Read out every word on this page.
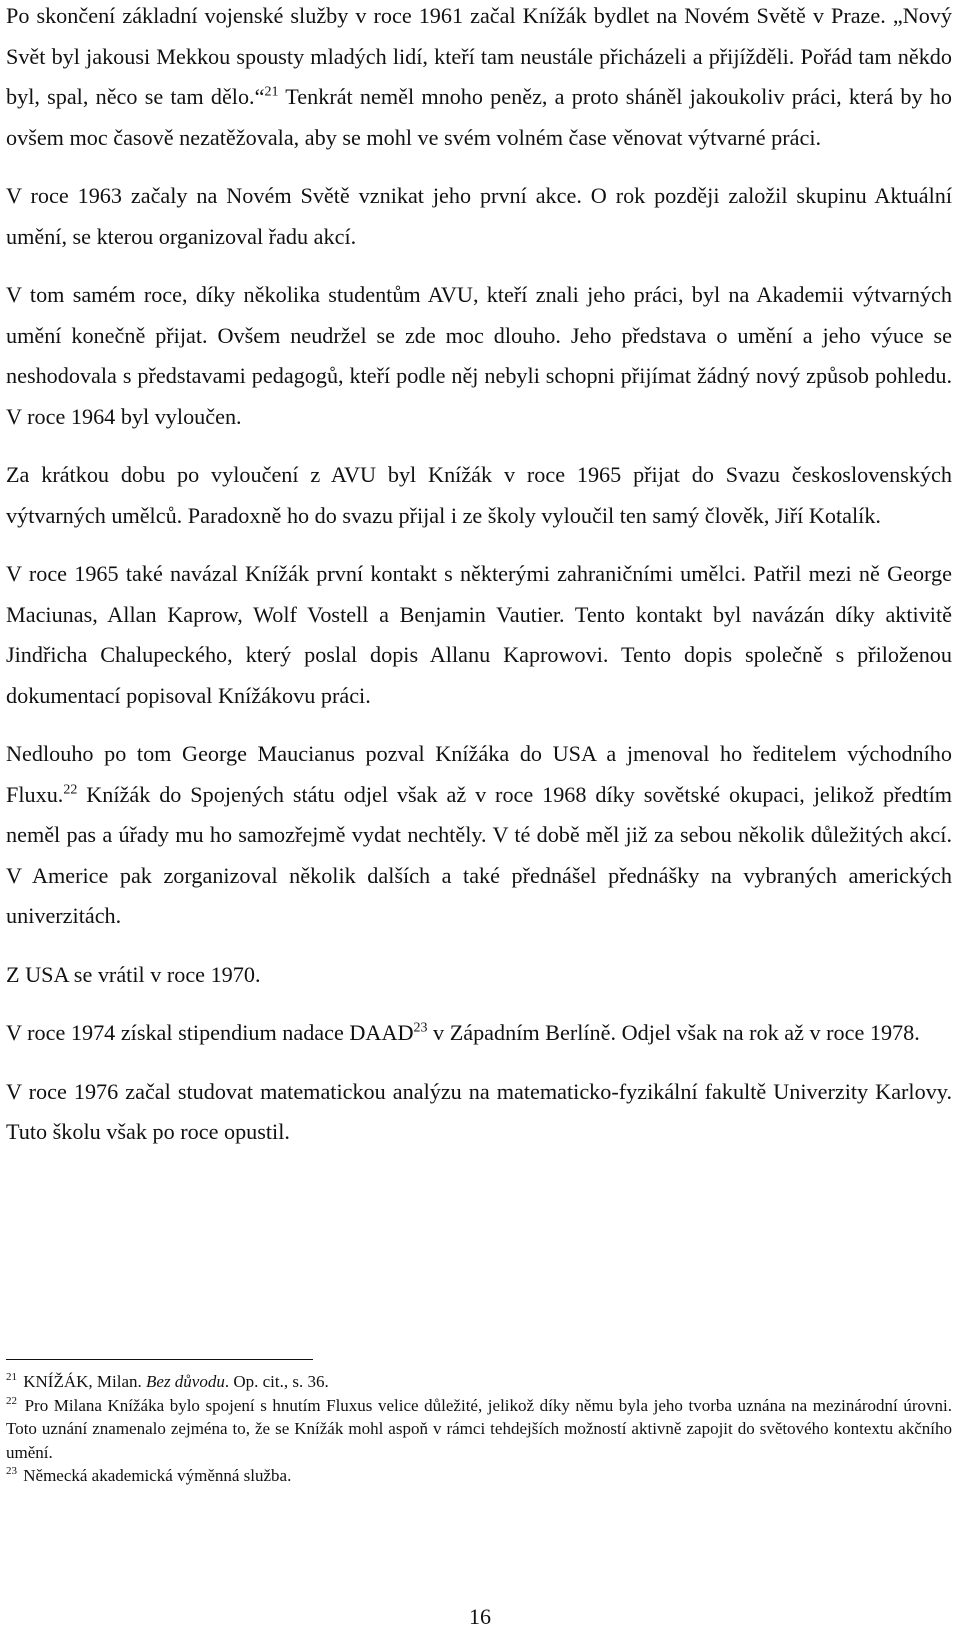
Po skončení základní vojenské služby v roce 1961 začal Knížák bydlet na Novém Světě v Praze. „Nový Svět byl jakousi Mekkou spousty mladých lidí, kteří tam neustále přicházeli a přijížděli. Pořád tam někdo byl, spal, něco se tam dělo.“$^{21}$ Tenkrát neměl mnoho peněz, a proto sháněl jakoukoliv práci, která by ho ovšem moc časově nezatěžovala, aby se mohl ve svém volném čase věnovat výtvarné práci.

V roce 1963 začaly na Novém Světě vznikat jeho první akce. O rok později založil skupinu Aktuální umění, se kterou organizoval řadu akcí.

V tom samém roce, díky několika studentům AVU, kteří znali jeho práci, byl na Akademii výtvarných umění konečně přijat. Ovšem neudržel se zde moc dlouho. Jeho představa o umění a jeho výuce se neshodovala s představami pedagogů, kteří podle něj nebyli schopni přijímat žádný nový způsob pohledu. V roce 1964 byl vyloučen.

Za krátkou dobu po vyloučení z AVU byl Knížák v roce 1965 přijat do Svazu československých výtvarných umělců. Paradoxně ho do svazu přijal i ze školy vyloučil ten samý člověk, Jiří Kotalík.

V roce 1965 také navázal Knížák první kontakt s některými zahraničními umělci. Patřil mezi ně George Maciunas, Allan Kaprow, Wolf Vostell a Benjamin Vautier. Tento kontakt byl navázán díky aktivitě Jindřicha Chalupeckého, který poslal dopis Allanu Kaprowovi. Tento dopis společně s přiloženou dokumentací popisoval Knížákovu práci.

Nedlouho po tom George Maucianus pozval Knížáka do USA a jmenoval ho ředitelem východního Fluxu.$^{22}$ Knížák do Spojených státu odjel však až v roce 1968 díky sovětské okupaci, jelikož předtím neměl pas a úřady mu ho samozřejmě vydat nechtěly. V té době měl již za sebou několik důležitých akcí. V Americe pak zorganizoval několik dalších a také přednášel přednášky na vybraných amerických univerzitách.

Z USA se vrátil v roce 1970.

V roce 1974 získal stipendium nadace DAAD$^{23}$ v Západním Berlíně. Odjel však na rok až v roce 1978.

V roce 1976 začal studovat matematickou analýzu na matematicko-fyzikální fakultě Univerzity Karlovy. Tuto školu však po roce opustil.

$^{21}$ KNÍŽÁK, Milan. Bez důvodu. Op. cit., s. 36.

$^{22}$ Pro Milana Knížáka bylo spojení s hnutím Fluxus velice důležité, jelikož díky němu byla jeho tvorba uznána na mezinárodní úrovni. Toto uznání znamenalo zejména to, že se Knížák mohl aspoň v rámci tehdejších možností aktivně zapojit do světového kontextu akčního umění.

$^{23}$ Německá akademická výměnná služba.

16
